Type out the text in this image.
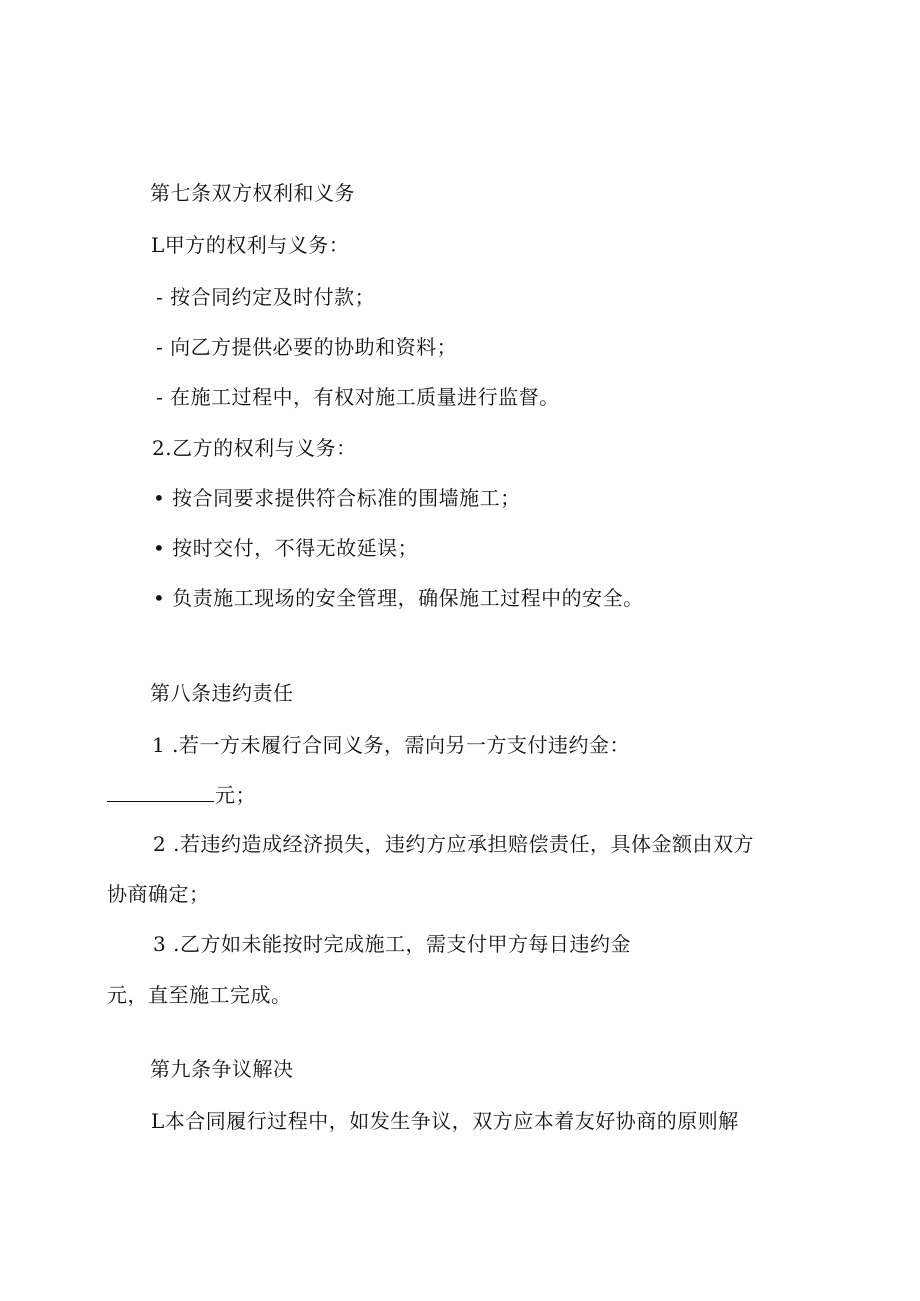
第七条双方权利和义务
L甲方的权利与义务：
- 按合同约定及时付款；
- 向乙方提供必要的协助和资料；
- 在施工过程中，有权对施工质量进行监督。
2.乙方的权利与义务：
• 按合同要求提供符合标准的围墙施工；
• 按时交付，不得无故延误；
• 负责施工现场的安全管理，确保施工过程中的安全。
第八条违约责任
1 .若一方未履行合同义务，需向另一方支付违约金：
元；
2 .若违约造成经济损失，违约方应承担赔偿责任，具体金额由双方
协商确定；
3 .乙方如未能按时完成施工，需支付甲方每日违约金
元，直至施工完成。
第九条争议解决
L本合同履行过程中，如发生争议，双方应本着友好协商的原则解
